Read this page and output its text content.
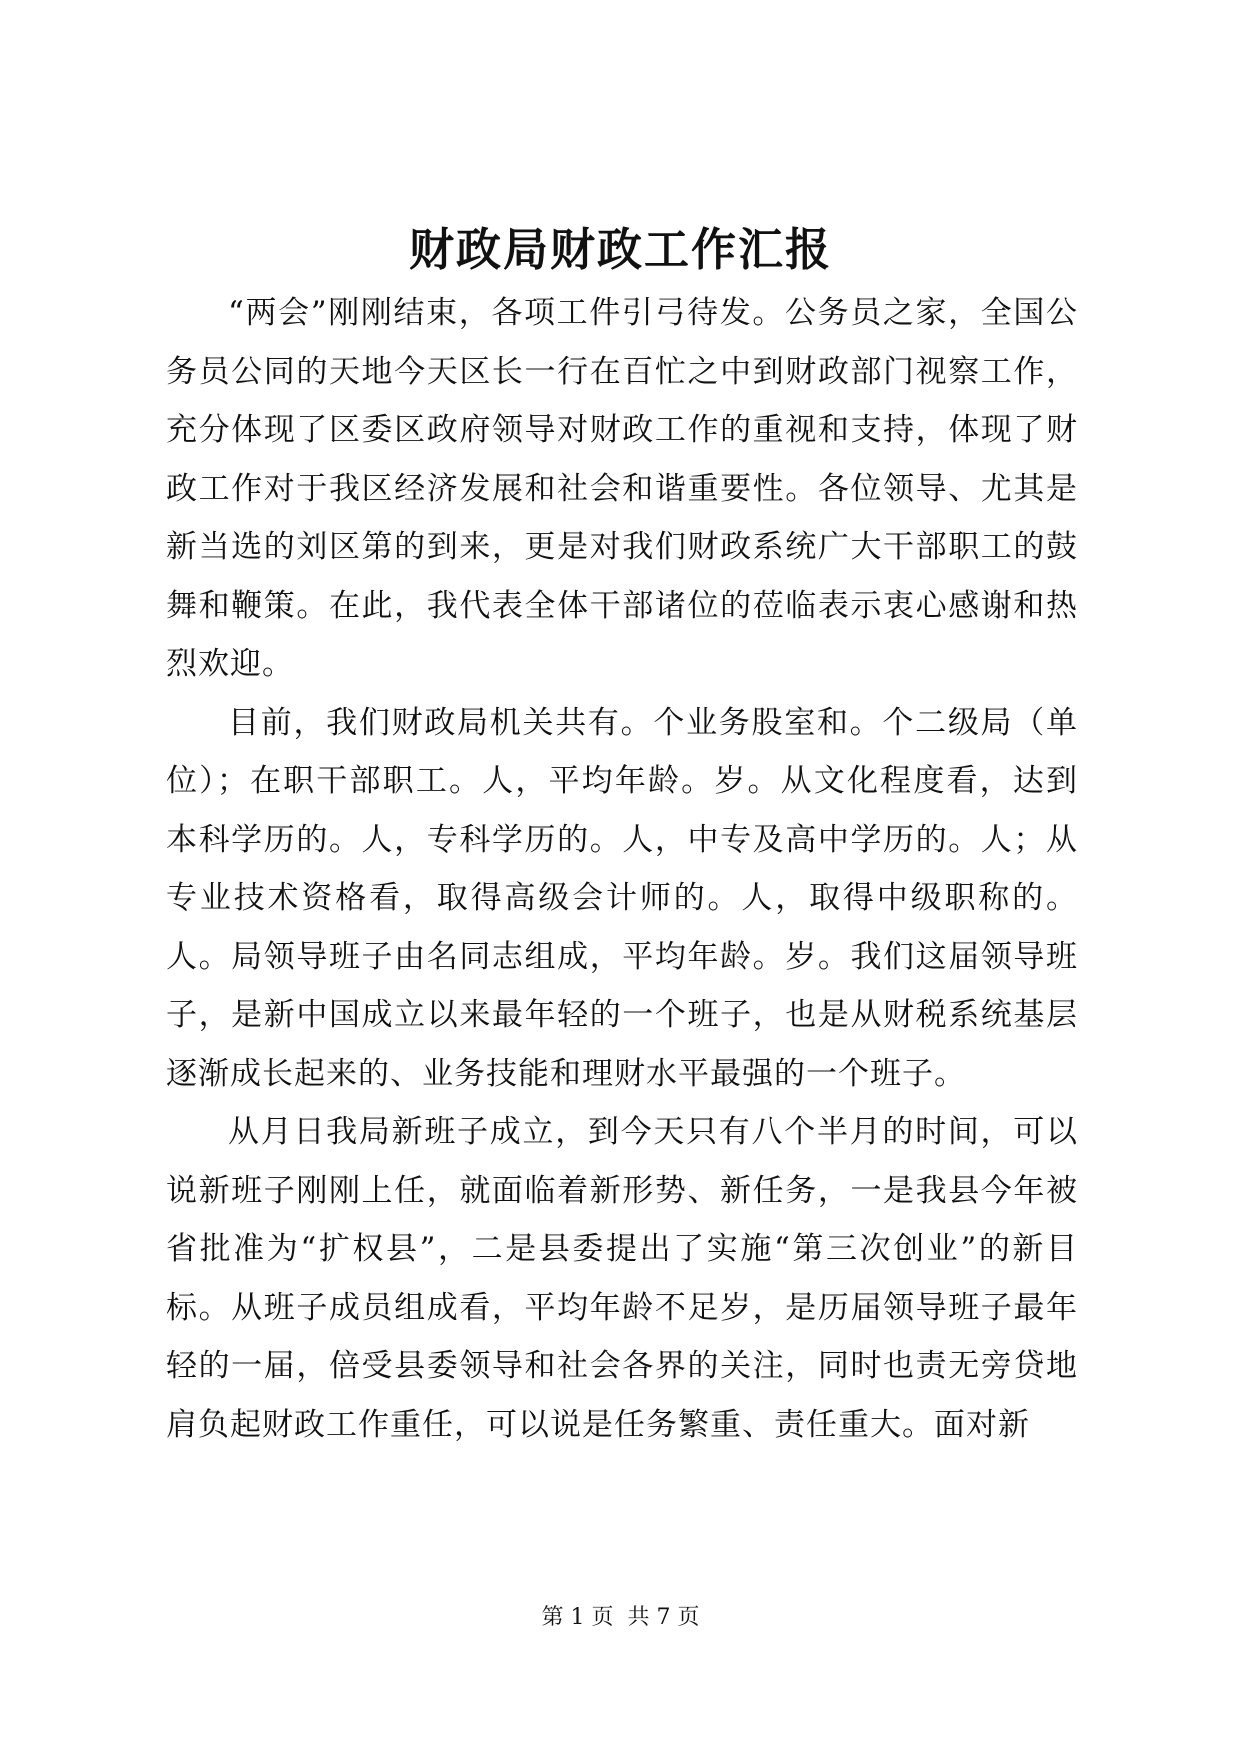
财政局财政工作汇报

“两会”刚刚结束，各项工件引弓待发。公务员之家，全国公务员公同的天地今天区长一行在百忙之中到财政部门视察工作，充分体现了区委区政府领导对财政工作的重视和支持，体现了财政工作对于我区经济发展和社会和谐重要性。各位领导、尤其是新当选的刘区第的到来，更是对我们财政系统广大干部职工的鼓舞和鞭策。在此，我代表全体干部诸位的莅临表示衷心感谢和热烈欢迎。

目前，我们财政局机关共有。个业务股室和。个二级局（单位）；在职干部职工。人，平均年龄。岁。从文化程度看，达到本科学历的。人，专科学历的。人，中专及高中学历的。人；从专业技术资格看，取得高级会计师的。人，取得中级职称的。人。局领导班子由名同志组成，平均年龄。岁。我们这届领导班子，是新中国成立以来最年轻的一个班子，也是从财税系统基层逐渐成长起来的、业务技能和理财水平最强的一个班子。

从月日我局新班子成立，到今天只有八个半月的时间，可以说新班子刚刚上任，就面临着新形势、新任务，一是我县今年被省批准为“扩权县”，二是县委提出了实施“第三次创业”的新目标。从班子成员组成看，平均年龄不足岁，是历届领导班子最年轻的一届，倍受县委领导和社会各界的关注，同时也责无旁贷地肩负起财政工作重任，可以说是任务繁重、责任重大。面对新

第 1 页 共 7 页
